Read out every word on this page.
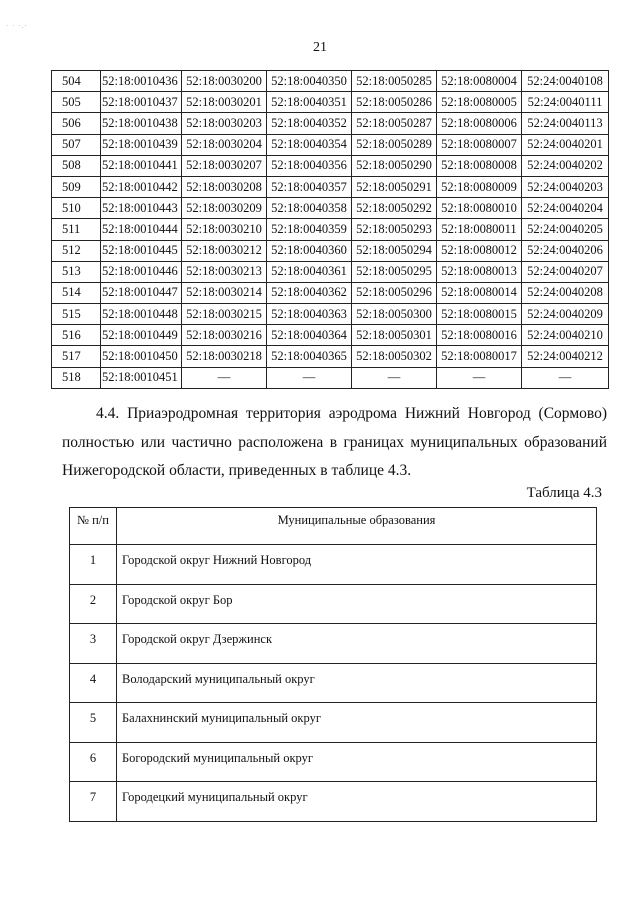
· · ·.·
21
504	52:18:0010436	52:18:0030200	52:18:0040350	52:18:0050285	52:18:0080004	52:24:0040108
505	52:18:0010437	52:18:0030201	52:18:0040351	52:18:0050286	52:18:0080005	52:24:0040111
506	52:18:0010438	52:18:0030203	52:18:0040352	52:18:0050287	52:18:0080006	52:24:0040113
507	52:18:0010439	52:18:0030204	52:18:0040354	52:18:0050289	52:18:0080007	52:24:0040201
508	52:18:0010441	52:18:0030207	52:18:0040356	52:18:0050290	52:18:0080008	52:24:0040202
509	52:18:0010442	52:18:0030208	52:18:0040357	52:18:0050291	52:18:0080009	52:24:0040203
510	52:18:0010443	52:18:0030209	52:18:0040358	52:18:0050292	52:18:0080010	52:24:0040204
511	52:18:0010444	52:18:0030210	52:18:0040359	52:18:0050293	52:18:0080011	52:24:0040205
512	52:18:0010445	52:18:0030212	52:18:0040360	52:18:0050294	52:18:0080012	52:24:0040206
513	52:18:0010446	52:18:0030213	52:18:0040361	52:18:0050295	52:18:0080013	52:24:0040207
514	52:18:0010447	52:18:0030214	52:18:0040362	52:18:0050296	52:18:0080014	52:24:0040208
515	52:18:0010448	52:18:0030215	52:18:0040363	52:18:0050300	52:18:0080015	52:24:0040209
516	52:18:0010449	52:18:0030216	52:18:0040364	52:18:0050301	52:18:0080016	52:24:0040210
517	52:18:0010450	52:18:0030218	52:18:0040365	52:18:0050302	52:18:0080017	52:24:0040212
518	52:18:0010451	—	—	—	—	—
4.4. Приаэродромная территория аэродрома Нижний Новгород (Сормово) полностью или частично расположена в границах муниципальных образований Нижегородской области, приведенных в таблице 4.3.
Таблица 4.3
№ п/п	Муниципальные образования
1	Городской округ Нижний Новгород
2	Городской округ Бор
3	Городской округ Дзержинск
4	Володарский муниципальный округ
5	Балахнинский муниципальный округ
6	Богородский муниципальный округ
7	Городецкий муниципальный округ
